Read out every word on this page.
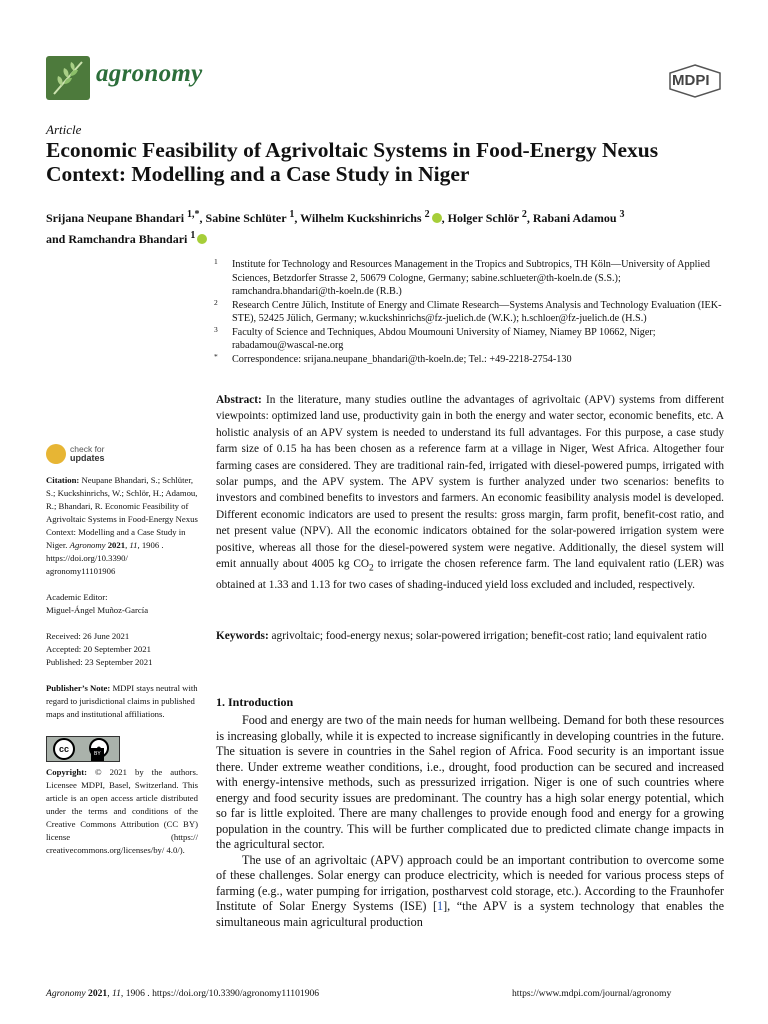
agronomy	MDPI
Article
Economic Feasibility of Agrivoltaic Systems in Food-Energy Nexus Context: Modelling and a Case Study in Niger
Srijana Neupane Bhandari $^{1,*}$, Sabine Schlüter $^1$, Wilhelm Kuckshinrichs $^2$ , Holger Schlör $^2$, Rabani Adamou $^3$
and Ramchandra Bhandari $^1$
1 Institute for Technology and Resources Management in the Tropics and Subtropics, TH Köln—University of Applied Sciences, Betzdorfer Strasse 2, 50679 Cologne, Germany; sabine.schlueter@th-koeln.de (S.S.); ramchandra.bhandari@th-koeln.de (R.B.)
2 Research Centre Jülich, Institute of Energy and Climate Research—Systems Analysis and Technology Evaluation (IEK-STE), 52425 Jülich, Germany; w.kuckshinrichs@fz-juelich.de (W.K.); h.schloer@fz-juelich.de (H.S.)
3 Faculty of Science and Techniques, Abdou Moumouni University of Niamey, Niamey BP 10662, Niger; rabadamou@wascal-ne.org
* Correspondence: srijana.neupane_bhandari@th-koeln.de; Tel.: +49-2218-2754-130
Abstract: In the literature, many studies outline the advantages of agrivoltaic (APV) systems from different viewpoints: optimized land use, productivity gain in both the energy and water sector, economic benefits, etc. A holistic analysis of an APV system is needed to understand its full advantages. For this purpose, a case study farm size of 0.15 ha has been chosen as a reference farm at a village in Niger, West Africa. Altogether four farming cases are considered. They are traditional rain-fed, irrigated with diesel-powered pumps, irrigated with solar pumps, and the APV system. The APV system is further analyzed under two scenarios: benefits to investors and combined benefits to investors and farmers. An economic feasibility analysis model is developed. Different economic indicators are used to present the results: gross margin, farm profit, benefit-cost ratio, and net present value (NPV). All the economic indicators obtained for the solar-powered irrigation system were positive, whereas all those for the diesel-powered system were negative. Additionally, the diesel system will emit annually about 4005 kg $CO_2$ to irrigate the chosen reference farm. The land equivalent ratio (LER) was obtained at 1.33 and 1.13 for two cases of shading-induced yield loss excluded and included, respectively.
Keywords: agrivoltaic; food-energy nexus; solar-powered irrigation; benefit-cost ratio; land equivalent ratio
check for
updates

Citation: Neupane Bhandari, S.; Schlüter, S.; Kuckshinrichs, W.; Schlör, H.; Adamou, R.; Bhandari, R. Economic Feasibility of Agrivoltaic Systems in Food-Energy Nexus Context: Modelling and a Case Study in Niger. Agronomy 2021, 11, 1906 . https://doi.org/10.3390/ agronomy11101906

Academic Editor:

Miguel-Ángel Muñoz-García

Received: 26 June 2021

Accepted: 20 September 2021

Published: 23 September 2021

Publisher’s Note: MDPI stays neutral with regard to jurisdictional claims in published maps and institutional affiliations.

cc	BY

Copyright: © 2021 by the authors. Licensee MDPI, Basel, Switzerland. This article is an open access article distributed under the terms and conditions of the Creative Commons Attribution (CC BY) license (https:// creativecommons.org/licenses/by/ 4.0/).

1. Introduction

Food and energy are two of the main needs for human wellbeing. Demand for both these resources is increasing globally, while it is expected to increase significantly in developing countries in the future. The situation is severe in countries in the Sahel region of Africa. Food security is an important issue there. Under extreme weather conditions, i.e., drought, food production can be secured and increased with energy-intensive methods, such as pressurized irrigation. Niger is one of such countries where energy and food security issues are predominant. The country has a high solar energy potential, which so far is little exploited. There are many challenges to provide enough food and energy for a growing population in the country. This will be further complicated due to predicted climate change impacts in the agricultural sector.

The use of an agrivoltaic (APV) approach could be an important contribution to overcome some of these challenges. Solar energy can produce electricity, which is needed for various process steps of farming (e.g., water pumping for irrigation, postharvest cold storage, etc.). According to the Fraunhofer Institute of Solar Energy Systems (ISE) [1], “the APV is a system technology that enables the simultaneous main agricultural production

Agronomy 2021, 11, 1906 . https://doi.org/10.3390/agronomy11101906	https://www.mdpi.com/journal/agronomy
